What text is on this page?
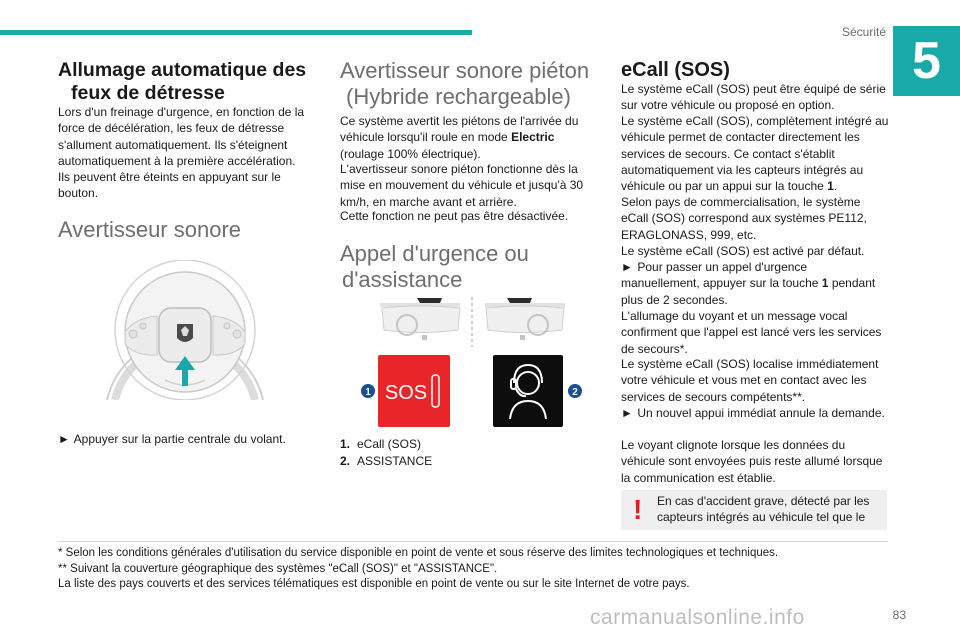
Sécurité 5
Allumage automatique des
feux de détresse

Lors d'un freinage d'urgence, en fonction de la force de décélération, les feux de détresse s'allument automatiquement. Ils s'éteignent automatiquement à la première accélération. Ils peuvent être éteints en appuyant sur le bouton.

Avertisseur sonore

► Appuyer sur la partie centrale du volant.

Avertisseur sonore piéton
(Hybride rechargeable)

Ce système avertit les piétons de l'arrivée du véhicule lorsqu'il roule en mode Electric (roulage 100% électrique).

L'avertisseur sonore piéton fonctionne dès la mise en mouvement du véhicule et jusqu'à 30 km/h, en marche avant et arrière.

Cette fonction ne peut pas être désactivée.

Appel d'urgence ou
d'assistance
SOS
1	2
1. eCall (SOS)
2. ASSISTANCE
eCall (SOS)

Le système eCall (SOS) peut être équipé de série sur votre véhicule ou proposé en option.

Le système eCall (SOS), complètement intégré au véhicule permet de contacter directement les services de secours. Ce contact s'établit automatiquement via les capteurs intégrés au véhicule ou par un appui sur la touche 1.

Selon pays de commercialisation, le système eCall (SOS) correspond aux systèmes PE112, ERAGLONASS, 999, etc.

Le système eCall (SOS) est activé par défaut.

► Pour passer un appel d'urgence manuellement, appuyer sur la touche 1 pendant plus de 2 secondes.

L'allumage du voyant et un message vocal confirment que l'appel est lancé vers les services de secours*.

Le système eCall (SOS) localise immédiatement votre véhicule et vous met en contact avec les services de secours compétents**.

► Un nouvel appui immédiat annule la demande.

Le voyant clignote lorsque les données du véhicule sont envoyées puis reste allumé lorsque la communication est établie.

! En cas d'accident grave, détecté par les capteurs intégrés au véhicule tel que le
* Selon les conditions générales d'utilisation du service disponible en point de vente et sous réserve des limites technologiques et techniques.
** Suivant la couverture géographique des systèmes "eCall (SOS)" et "ASSISTANCE".
La liste des pays couverts et des services télématiques est disponible en point de vente ou sur le site Internet de votre pays.
carmanualsonline.info	83
